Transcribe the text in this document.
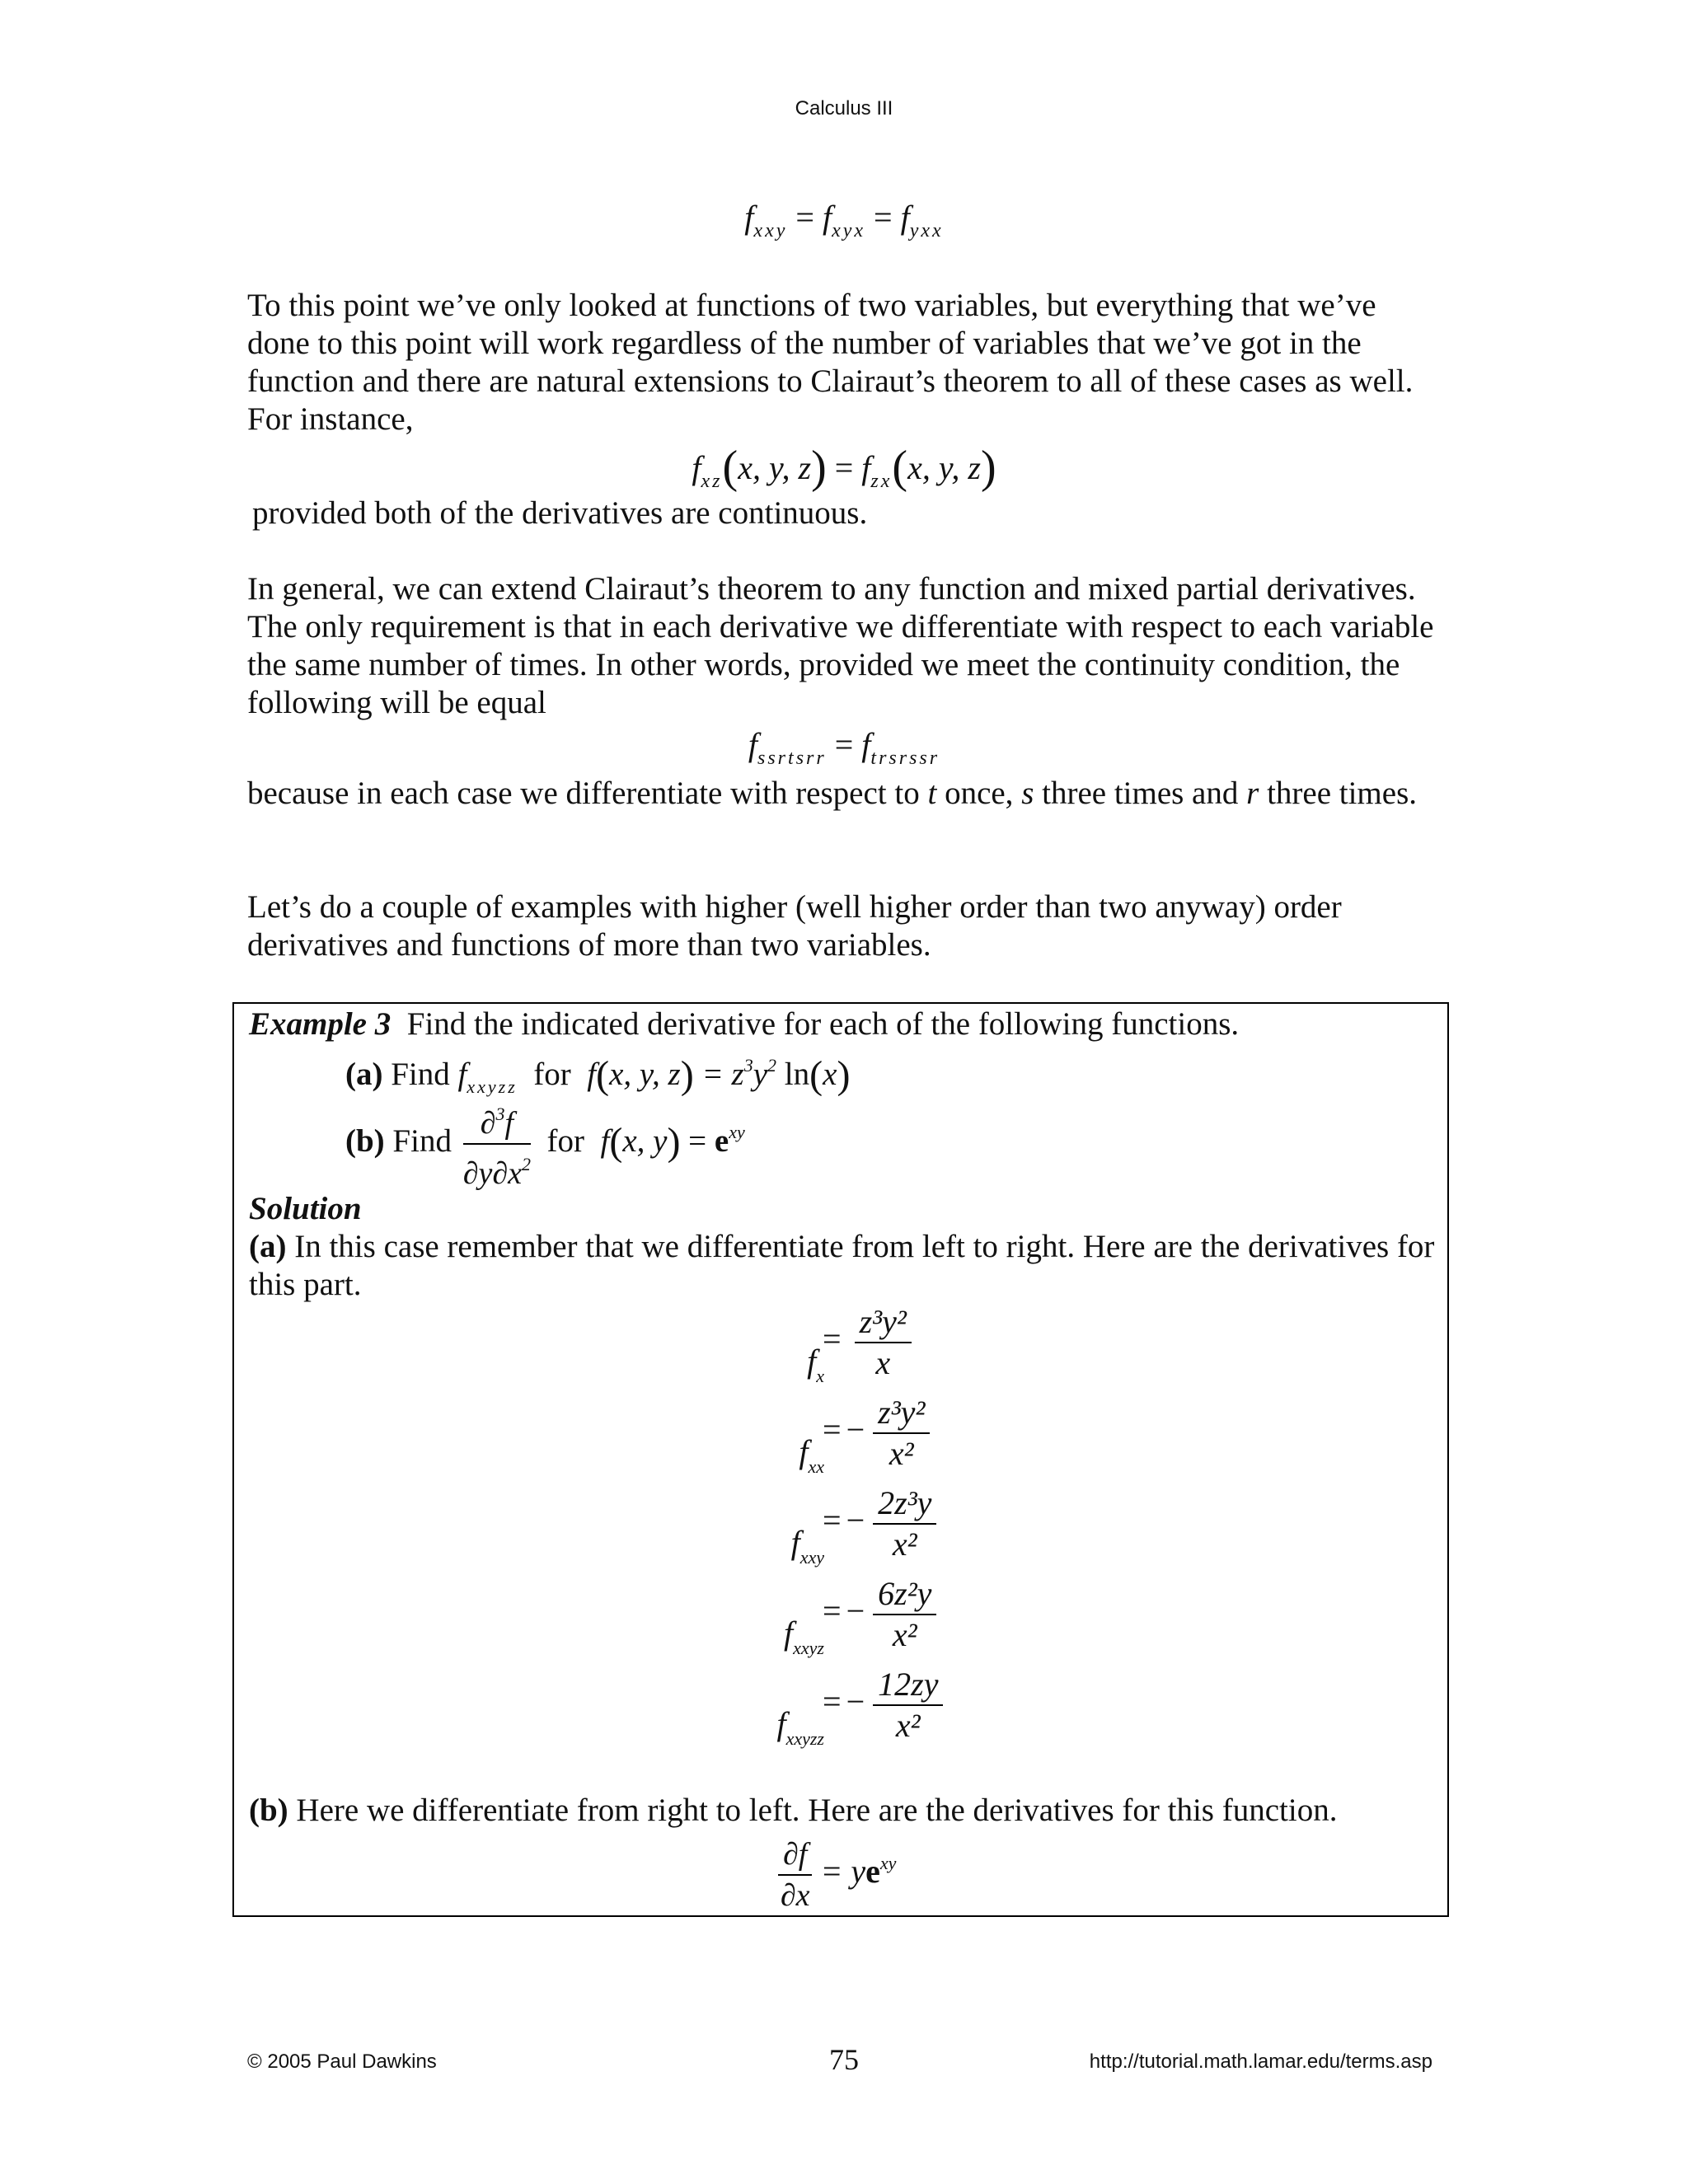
Calculus III
$f_{xxy} = f_{xyx} = f_{yxx}$

To this point we’ve only looked at functions of two variables, but everything that we’ve done to this point will work regardless of the number of variables that we’ve got in the function and there are natural extensions to Clairaut’s theorem to all of these cases as well. For instance,

$f_{xz}(x$, y, $z) = f_{zx}(x$, y, z)

provided both of the derivatives are continuous.

In general, we can extend Clairaut’s theorem to any function and mixed partial derivatives. The only requirement is that in each derivative we differentiate with respect to each variable the same number of times. In other words, provided we meet the continuity condition, the following will be equal

$f_{ssrtsrr} = f_{trsrssr}$

because in each case we differentiate with respect to t once, s three times and r three times.

Let’s do a couple of examples with higher (well higher order than two anyway) order derivatives and functions of more than two variables.

Example 3 Find the indicated derivative for each of the following functions.
(a) Find $f_{xxyzz}$ for f(x, y, $z) = z^3y^2$ ln(x)
(b) Find $\frac{\partial^3f}{\partial y\partial x^2}$ for f(x, $y) = e^{xy}$
Solution
(a) In this case remember that we differentiate from left to right. Here are the derivatives for this part.
$f_x$
= $\frac{\text{z³y²}}{x}$
$f_{xx}$
= − $\frac{\text{z³y²}}{\text{x²}}$
$f_{xxy}$
= − $\frac{\text{2z³y}}{\text{x²}}$
$f_{xxyz}$
= − $\frac{\text{6z²y}}{\text{x²}}$
$f_{xxyzz}$
= − $\frac{12zy}{\text{x²}}$
(b) Here we differentiate from right to left. Here are the derivatives for this function.
$\frac{\partial f}{\partial x} = ye^{xy}$
© 2005 Paul Dawkins	75	http://tutorial.math.lamar.edu/terms.asp
